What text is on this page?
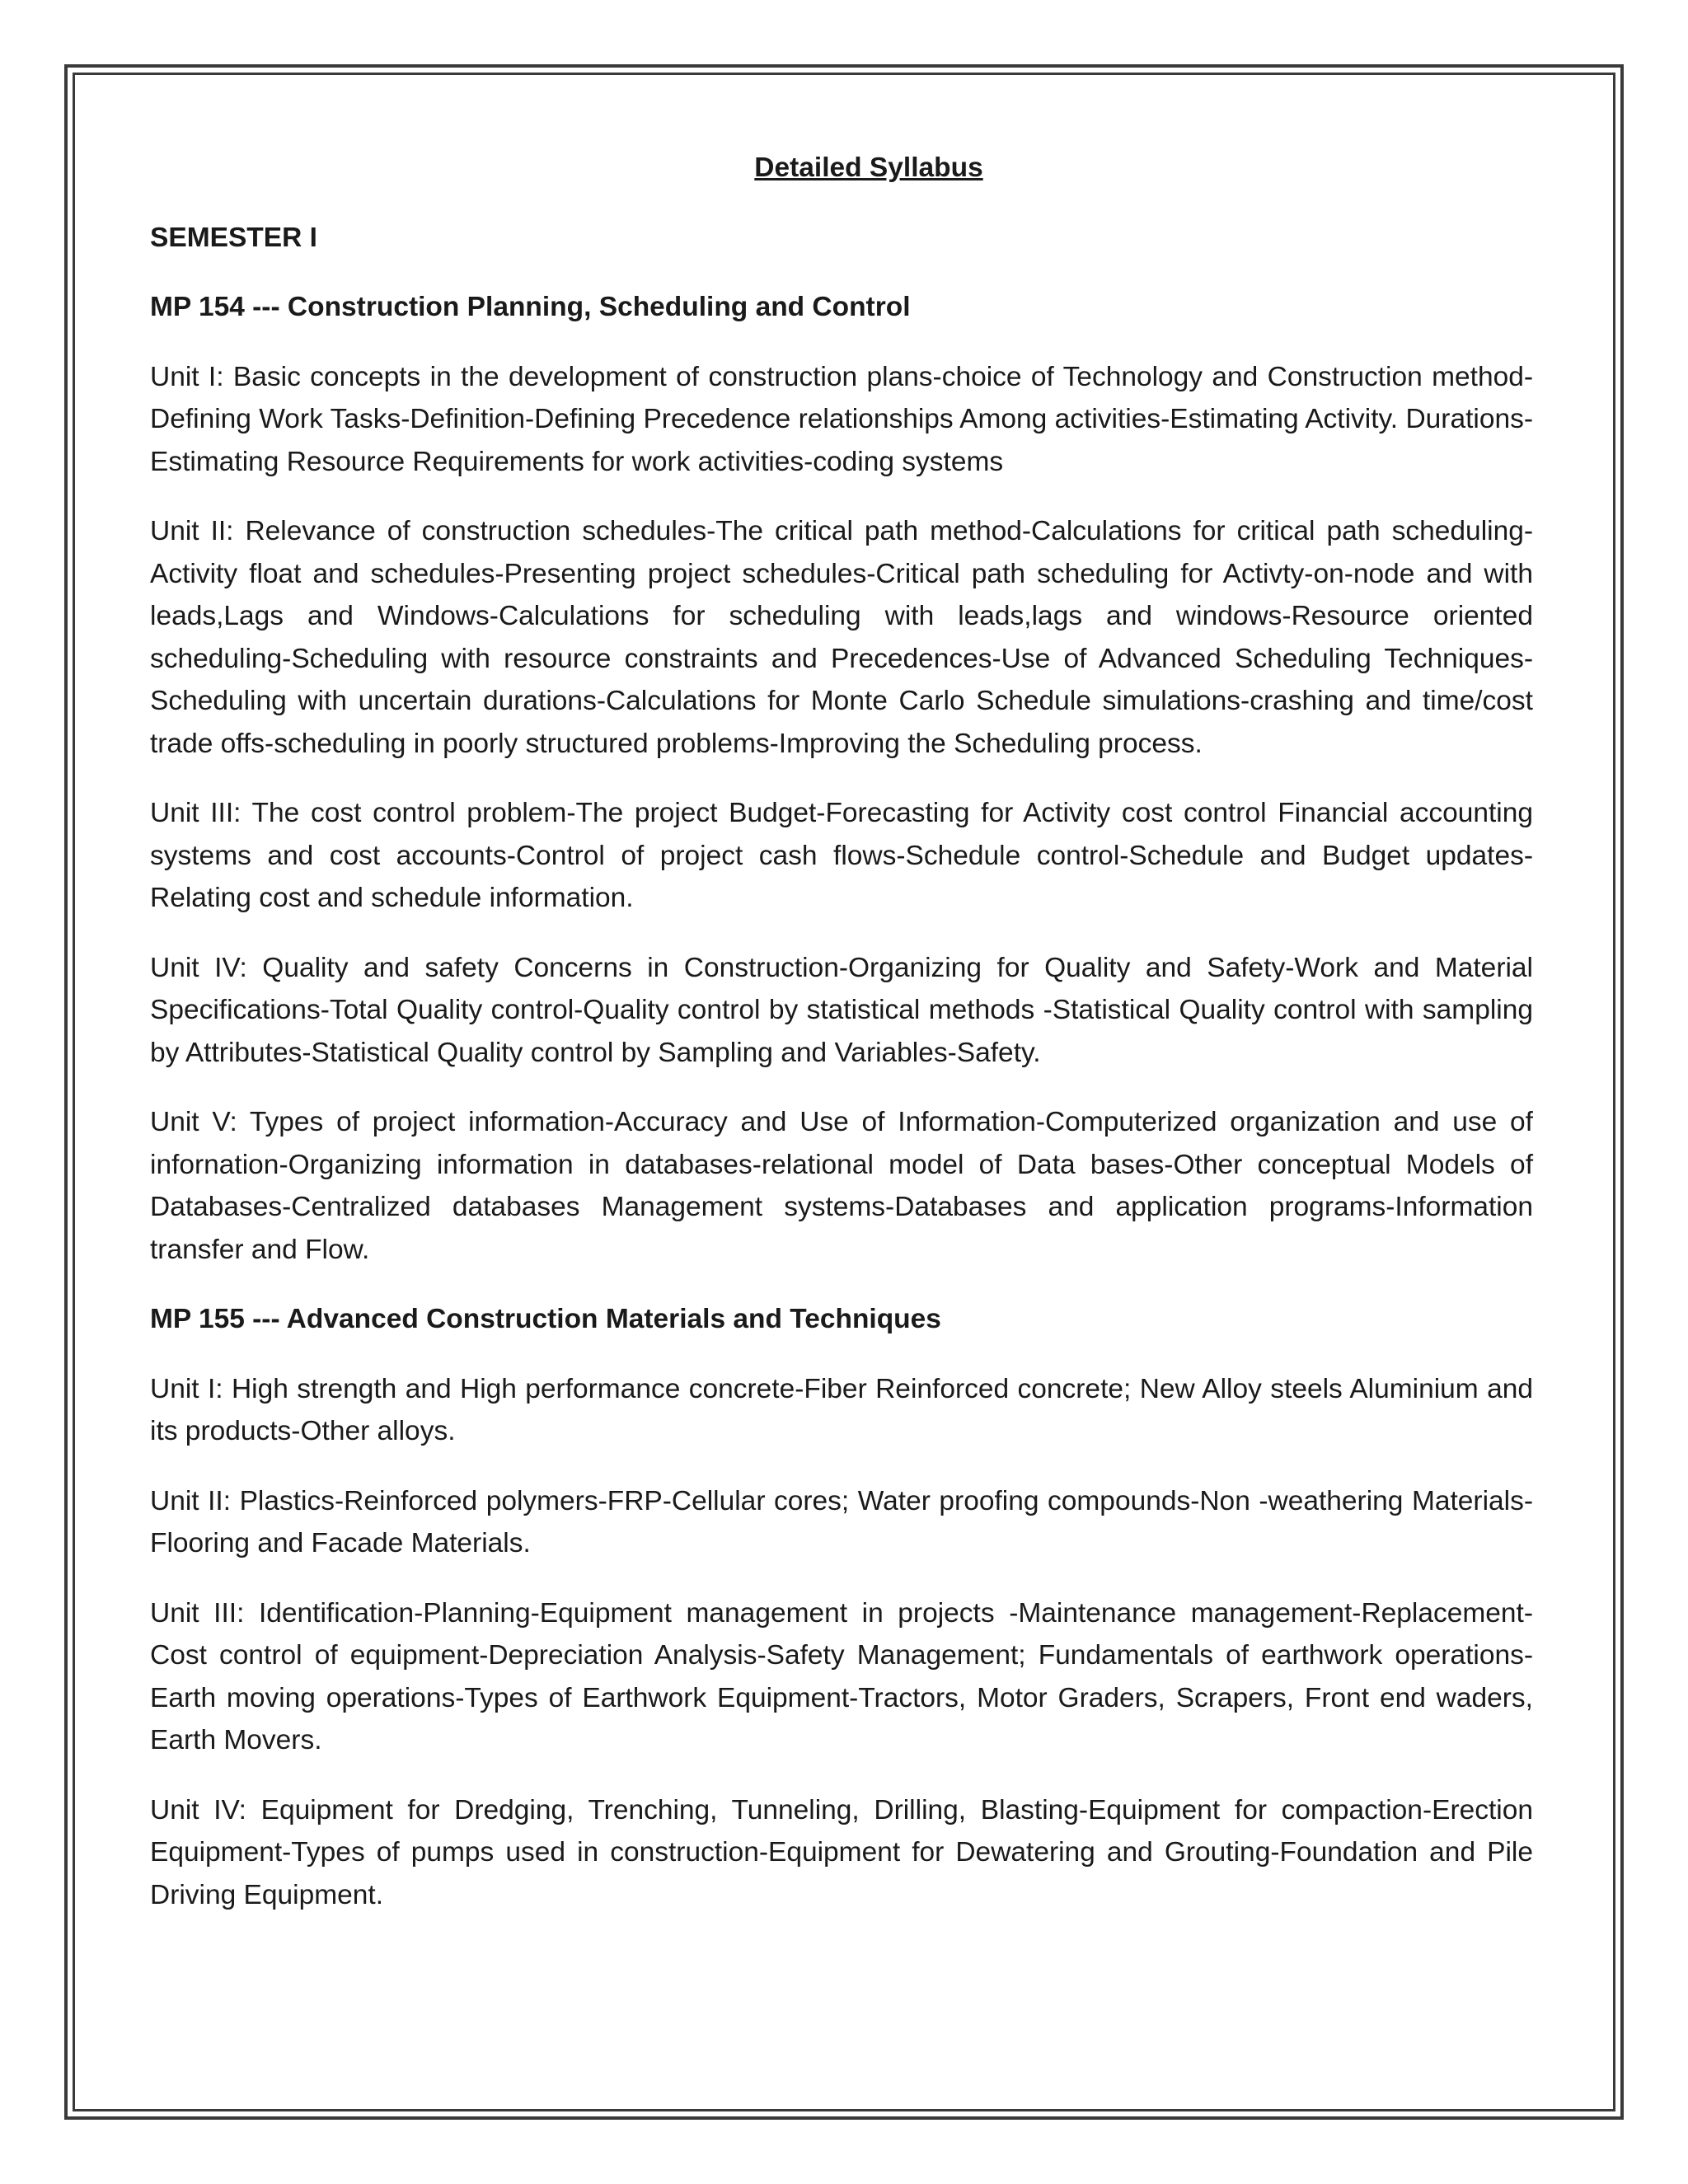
Detailed Syllabus
SEMESTER I
MP 154 --- Construction Planning, Scheduling and Control

Unit I: Basic concepts in the development of construction plans-choice of Technology and Construction method-Defining Work Tasks-Definition-Defining Precedence relationships Among activities-Estimating Activity. Durations-Estimating Resource Requirements for work activities-coding systems

Unit II: Relevance of construction schedules-The critical path method-Calculations for critical path scheduling-Activity float and schedules-Presenting project schedules-Critical path scheduling for Activty-on-node and with leads,Lags and Windows-Calculations for scheduling with leads,lags and windows-Resource oriented scheduling-Scheduling with resource constraints and Precedences-Use of Advanced Scheduling Techniques-Scheduling with uncertain durations-Calculations for Monte Carlo Schedule simulations-crashing and time/cost trade offs-scheduling in poorly structured problems-Improving the Scheduling process.

Unit III: The cost control problem-The project Budget-Forecasting for Activity cost control Financial accounting systems and cost accounts-Control of project cash flows-Schedule control-Schedule and Budget updates-Relating cost and schedule information.

Unit IV: Quality and safety Concerns in Construction-Organizing for Quality and Safety-Work and Material Specifications-Total Quality control-Quality control by statistical methods -Statistical Quality control with sampling by Attributes-Statistical Quality control by Sampling and Variables-Safety.

Unit V: Types of project information-Accuracy and Use of Information-Computerized organization and use of infornation-Organizing information in databases-relational model of Data bases-Other conceptual Models of Databases-Centralized databases Management systems-Databases and application programs-Information transfer and Flow.

MP 155 --- Advanced Construction Materials and Techniques

Unit I: High strength and High performance concrete-Fiber Reinforced concrete; New Alloy steels Aluminium and its products-Other alloys.

Unit II: Plastics-Reinforced polymers-FRP-Cellular cores; Water proofing compounds-Non -weathering Materials-Flooring and Facade Materials.

Unit III: Identification-Planning-Equipment management in projects -Maintenance management-Replacement-Cost control of equipment-Depreciation Analysis-Safety Management; Fundamentals of earthwork operations-Earth moving operations-Types of Earthwork Equipment-Tractors, Motor Graders, Scrapers, Front end waders, Earth Movers.

Unit IV: Equipment for Dredging, Trenching, Tunneling, Drilling, Blasting-Equipment for compaction-Erection Equipment-Types of pumps used in construction-Equipment for Dewatering and Grouting-Foundation and Pile Driving Equipment.
